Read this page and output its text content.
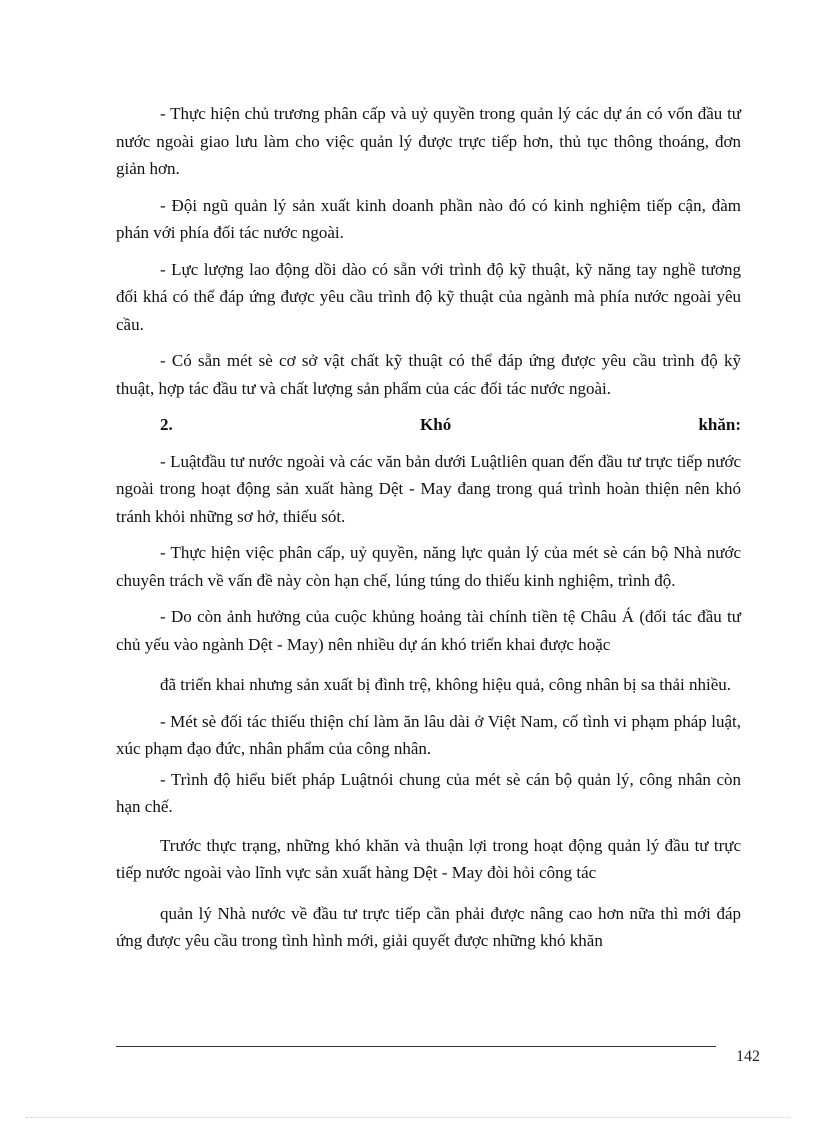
- Thực hiện chủ trương phân cấp và uỷ quyền trong quản lý các dự án có vốn đầu tư nước ngoài giao lưu làm cho việc quản lý được trực tiếp hơn, thủ tục thông thoáng, đơn giản hơn.

- Đội ngũ quản lý sản xuất kinh doanh phần nào đó có kinh nghiệm tiếp cận, đàm phán với phía đối tác nước ngoài.

- Lực lượng lao động dồi dào có sẵn với trình độ kỹ thuật, kỹ năng tay nghề tương đối khá có thể đáp ứng được yêu cầu trình độ kỹ thuật của ngành mà phía nước ngoài yêu cầu.

- Có sẵn mét sè cơ sở vật chất kỹ thuật có thể đáp ứng được yêu cầu trình độ kỹ thuật, hợp tác đầu tư và chất lượng sản phẩm của các đối tác nước ngoài.

2. Khó khăn:

- Luậtđầu tư nước ngoài và các văn bản dưới Luậtliên quan đến đầu tư trực tiếp nước ngoài trong hoạt động sản xuất hàng Dệt - May đang trong quá trình hoàn thiện nên khó tránh khỏi những sơ hở, thiếu sót.

- Thực hiện việc phân cấp, uỷ quyền, năng lực quản lý của mét sè cán bộ Nhà nước chuyên trách về vấn đề này còn hạn chế, lúng túng do thiếu kinh nghiệm, trình độ.

- Do còn ảnh hưởng của cuộc khủng hoảng tài chính tiền tệ Châu Á (đối tác đầu tư chủ yếu vào ngành Dệt - May) nên nhiều dự án khó triển khai được hoặc

đã triển khai nhưng sản xuất bị đình trệ, không hiệu quả, công nhân bị sa thải nhiều.

- Mét sè đối tác thiếu thiện chí làm ăn lâu dài ở Việt Nam, cố tình vi phạm pháp luật, xúc phạm đạo đức, nhân phẩm của công nhân.

- Trình độ hiểu biết pháp Luậtnói chung của mét sè cán bộ quản lý, công nhân còn hạn chế.

Trước thực trạng, những khó khăn và thuận lợi trong hoạt động quản lý đầu tư trực tiếp nước ngoài vào lĩnh vực sản xuất hàng Dệt - May đòi hỏi công tác

quản lý Nhà nước về đầu tư trực tiếp cần phải được nâng cao hơn nữa thì mới đáp ứng được yêu cầu trong tình hình mới, giải quyết được những khó khăn

142
